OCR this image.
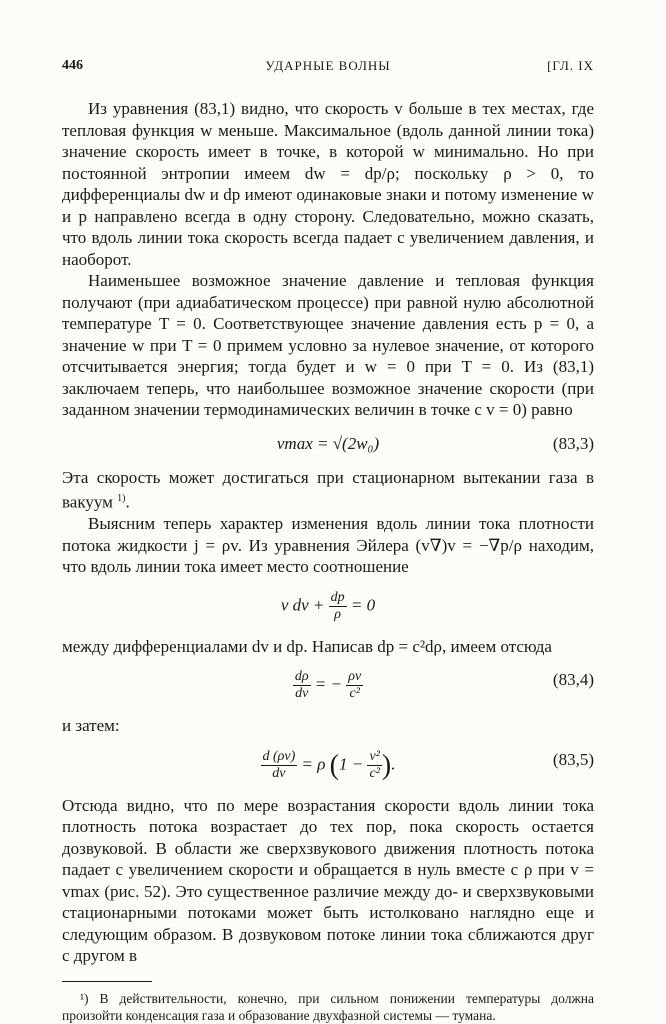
446	УДАРНЫЕ ВОЛНЫ	[ГЛ. IX

Из уравнения (83,1) видно, что скорость v больше в тех местах, где тепловая функция w меньше. Максимальное (вдоль данной линии тока) значение скорость имеет в точке, в которой w минимально. Но при постоянной энтропии имеем dw = dp/ρ; поскольку ρ > 0, то дифференциалы dw и dp имеют одинаковые знаки и потому изменение w и p направлено всегда в одну сторону. Следовательно, можно сказать, что вдоль линии тока скорость всегда падает с увеличением давления, и наоборот.

Наименьшее возможное значение давление и тепловая функция получают (при адиабатическом процессе) при равной нулю абсолютной температуре T = 0. Соответствующее значение давления есть p = 0, а значение w при T = 0 примем условно за нулевое значение, от которого отсчитывается энергия; тогда будет и w = 0 при T = 0. Из (83,1) заключаем теперь, что наибольшее возможное значение скорости (при заданном значении термодинамических величин в точке с v = 0) равно

vmax = √(2w₀)	(83,3)

Эта скорость может достигаться при стационарном вытекании газа в вакуум $^{1)}$.

Выясним теперь характер изменения вдоль линии тока плотности потока жидкости j = ρv. Из уравнения Эйлера (v∇)v = −∇p/ρ находим, что вдоль линии тока имеет место соотношение

v dv + $\frac{dp}{\rho} = 0$

между дифференциалами dv и dp. Написав dp = c²dρ, имеем отсюда

$\frac{d\rho}{dv}$ = − $\frac{\rho v}{\text{c²}}$	(83,4)

и затем:

$\frac{d (\rho v)}{dv} = \rho$ ($1 - \frac{\text{v²}}{\text{c²}}$ ).	(83,5)

Отсюда видно, что по мере возрастания скорости вдоль линии тока плотность потока возрастает до тех пор, пока скорость остается дозвуковой. В области же сверхзвукового движения плотность потока падает с увеличением скорости и обращается в нуль вместе с ρ при v = vmax (рис. 52). Это существенное различие между до- и сверхзвуковыми стационарными потоками может быть истолковано наглядно еще и следующим образом. В дозвуковом потоке линии тока сближаются друг с другом в

¹) В действительности, конечно, при сильном понижении температуры должна произойти конденсация газа и образование двухфазной системы — тумана.
